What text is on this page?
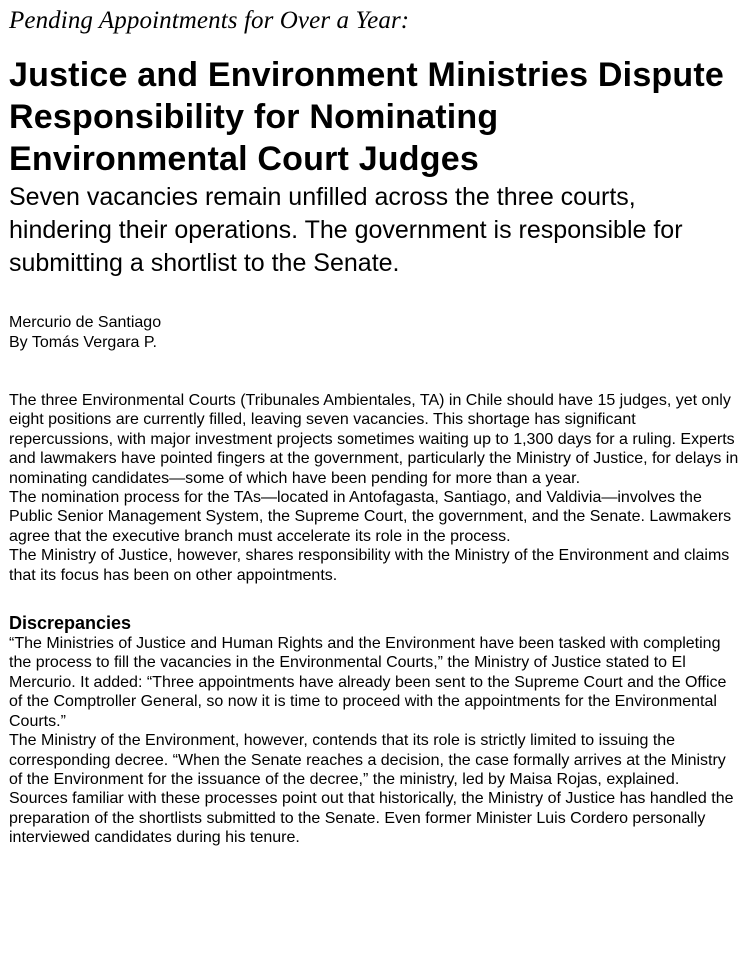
Pending Appointments for Over a Year:
Justice and Environment Ministries Dispute Responsibility for Nominating Environmental Court Judges
Seven vacancies remain unfilled across the three courts, hindering their operations. The government is responsible for submitting a shortlist to the Senate.
Mercurio de Santiago
By Tomás Vergara P.

The three Environmental Courts (Tribunales Ambientales, TA) in Chile should have 15 judges, yet only eight positions are currently filled, leaving seven vacancies. This shortage has significant repercussions, with major investment projects sometimes waiting up to 1,300 days for a ruling. Experts and lawmakers have pointed fingers at the government, particularly the Ministry of Justice, for delays in nominating candidates—some of which have been pending for more than a year.

The nomination process for the TAs—located in Antofagasta, Santiago, and Valdivia—involves the Public Senior Management System, the Supreme Court, the government, and the Senate. Lawmakers agree that the executive branch must accelerate its role in the process.

The Ministry of Justice, however, shares responsibility with the Ministry of the Environment and claims that its focus has been on other appointments.

Discrepancies

“The Ministries of Justice and Human Rights and the Environment have been tasked with completing the process to fill the vacancies in the Environmental Courts,” the Ministry of Justice stated to El Mercurio. It added: “Three appointments have already been sent to the Supreme Court and the Office of the Comptroller General, so now it is time to proceed with the appointments for the Environmental Courts.”

The Ministry of the Environment, however, contends that its role is strictly limited to issuing the corresponding decree. “When the Senate reaches a decision, the case formally arrives at the Ministry of the Environment for the issuance of the decree,” the ministry, led by Maisa Rojas, explained.

Sources familiar with these processes point out that historically, the Ministry of Justice has handled the preparation of the shortlists submitted to the Senate. Even former Minister Luis Cordero personally interviewed candidates during his tenure.
